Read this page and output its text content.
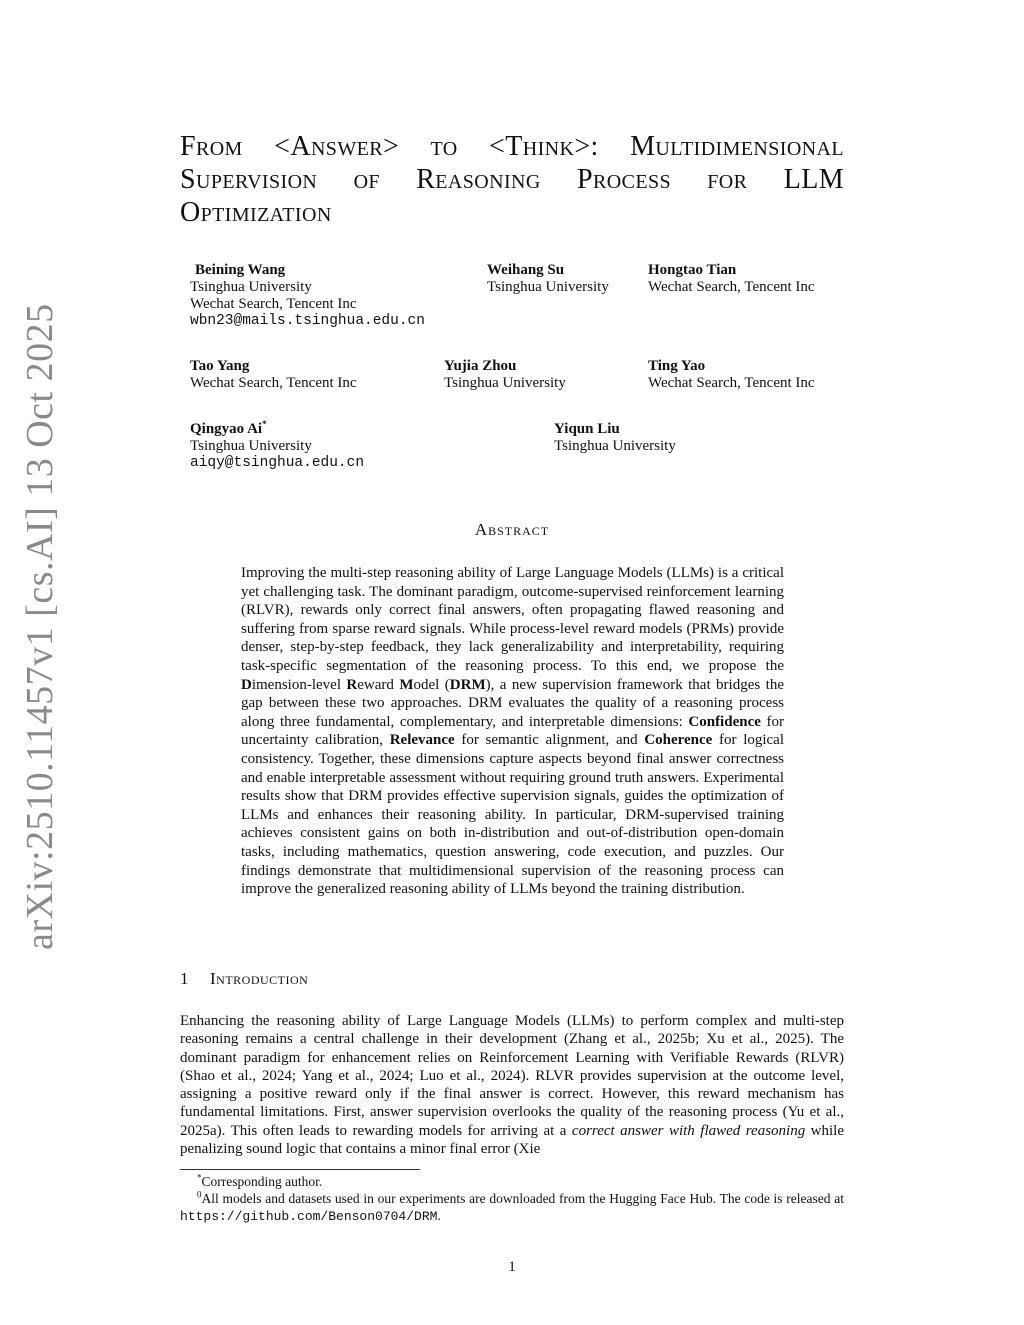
arXiv:2510.11457v1 [cs.AI] 13 Oct 2025
From <Answer> to <Think>: Multidimensional Supervision of Reasoning Process for LLM Optimization
Beining Wang
Tsinghua University
Wechat Search, Tencent Inc
wbn23@mails.tsinghua.edu.cn
Weihang Su
Tsinghua University
Hongtao Tian
Wechat Search, Tencent Inc
Tao Yang
Wechat Search, Tencent Inc
Yujia Zhou
Tsinghua University
Ting Yao
Wechat Search, Tencent Inc
Qingyao Ai*
Tsinghua University
aiqy@tsinghua.edu.cn
Yiqun Liu
Tsinghua University
Abstract
Improving the multi-step reasoning ability of Large Language Models (LLMs) is a critical yet challenging task. The dominant paradigm, outcome-supervised reinforcement learning (RLVR), rewards only correct final answers, often propagating flawed reasoning and suffering from sparse reward signals. While process-level reward models (PRMs) provide denser, step-by-step feedback, they lack generalizability and interpretability, requiring task-specific segmentation of the reasoning process. To this end, we propose the Dimension-level Reward Model (DRM), a new supervision framework that bridges the gap between these two approaches. DRM evaluates the quality of a reasoning process along three fundamental, complementary, and interpretable dimensions: Confidence for uncertainty calibration, Relevance for semantic alignment, and Coherence for logical consistency. Together, these dimensions capture aspects beyond final answer correctness and enable interpretable assessment without requiring ground truth answers. Experimental results show that DRM provides effective supervision signals, guides the optimization of LLMs and enhances their reasoning ability. In particular, DRM-supervised training achieves consistent gains on both in-distribution and out-of-distribution open-domain tasks, including mathematics, question answering, code execution, and puzzles. Our findings demonstrate that multidimensional supervision of the reasoning process can improve the generalized reasoning ability of LLMs beyond the training distribution.
1 Introduction
Enhancing the reasoning ability of Large Language Models (LLMs) to perform complex and multi-step reasoning remains a central challenge in their development (Zhang et al., 2025b; Xu et al., 2025). The dominant paradigm for enhancement relies on Reinforcement Learning with Verifiable Rewards (RLVR) (Shao et al., 2024; Yang et al., 2024; Luo et al., 2024). RLVR provides supervision at the outcome level, assigning a positive reward only if the final answer is correct. However, this reward mechanism has fundamental limitations. First, answer supervision overlooks the quality of the reasoning process (Yu et al., 2025a). This often leads to rewarding models for arriving at a correct answer with flawed reasoning while penalizing sound logic that contains a minor final error (Xie

*Corresponding author.

$^0$All models and datasets used in our experiments are downloaded from the Hugging Face Hub. The code is released at https://github.com/Benson0704/DRM.

1
